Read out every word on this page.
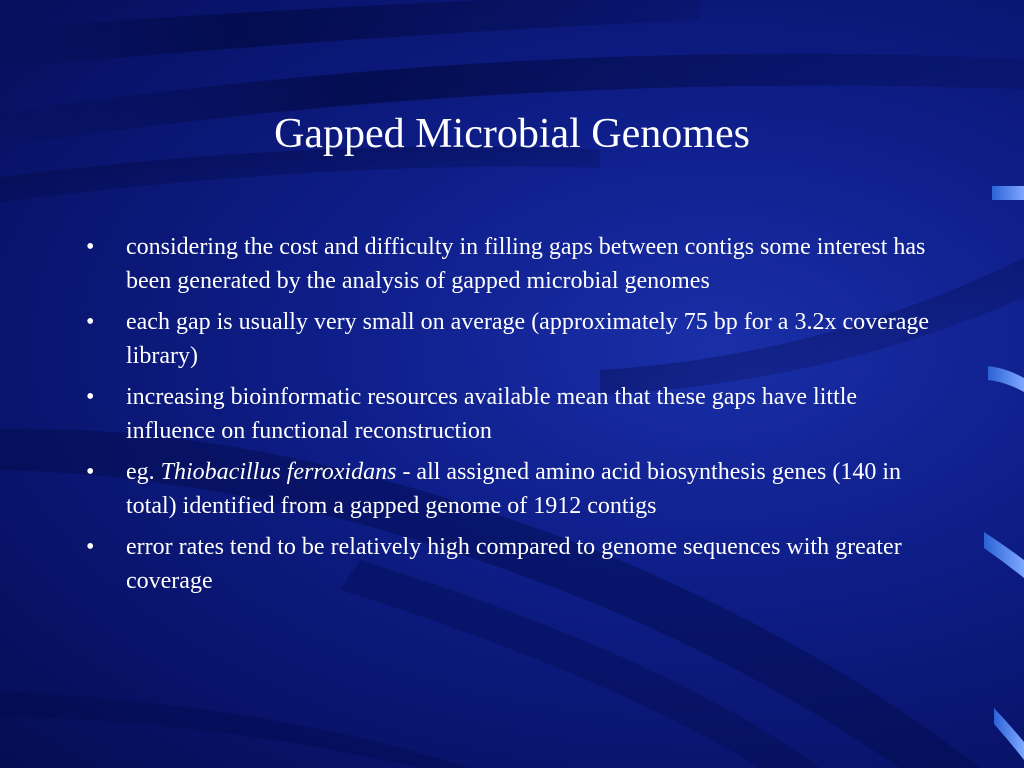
Gapped Microbial Genomes
•	considering the cost and difficulty in filling gaps between contigs some interest has been generated by the analysis of gapped microbial genomes
•	each gap is usually very small on average (approximately 75 bp for a 3.2x coverage library)
•	increasing bioinformatic resources available mean that these gaps have little influence on functional reconstruction
•	eg. Thiobacillus ferroxidans - all assigned amino acid biosynthesis genes (140 in total) identified from a gapped genome of 1912 contigs
•	error rates tend to be relatively high compared to genome sequences with greater coverage
